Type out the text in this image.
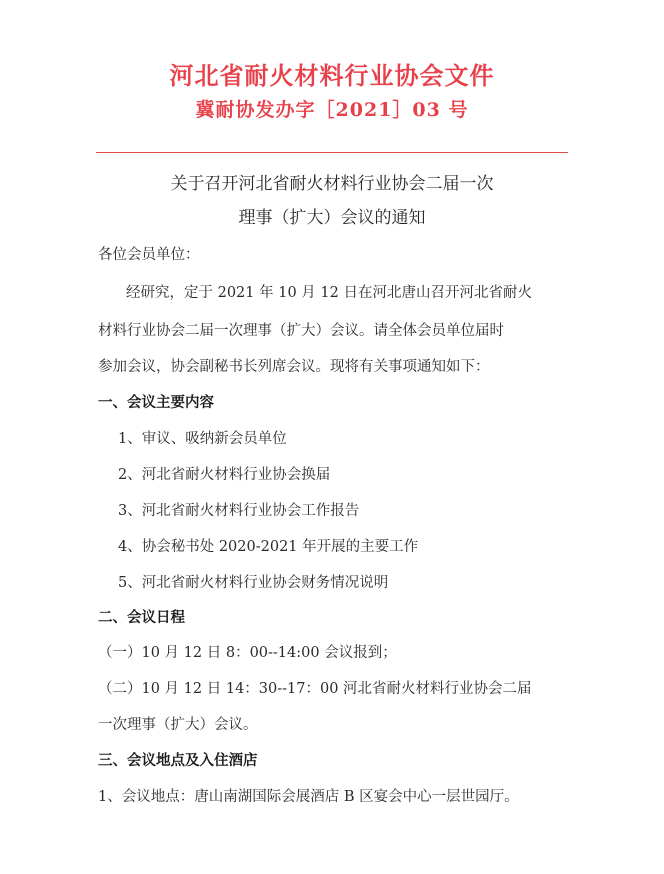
河北省耐火材料行业协会文件
冀耐协发办字［2021］03 号
关于召开河北省耐火材料行业协会二届一次
理事（扩大）会议的通知
各位会员单位：
经研究，定于 2021 年 10 月 12 日在河北唐山召开河北省耐火
材料行业协会二届一次理事（扩大）会议。请全体会员单位届时
参加会议，协会副秘书长列席会议。现将有关事项通知如下：
一、会议主要内容
1、审议、吸纳新会员单位
2、河北省耐火材料行业协会换届
3、河北省耐火材料行业协会工作报告
4、协会秘书处 2020-2021 年开展的主要工作
5、河北省耐火材料行业协会财务情况说明
二、会议日程
（一）10 月 12 日 8：00--14:00 会议报到；
（二）10 月 12 日 14：30--17：00 河北省耐火材料行业协会二届
一次理事（扩大）会议。
三、会议地点及入住酒店
1、会议地点：唐山南湖国际会展酒店 B 区宴会中心一层世园厅。
